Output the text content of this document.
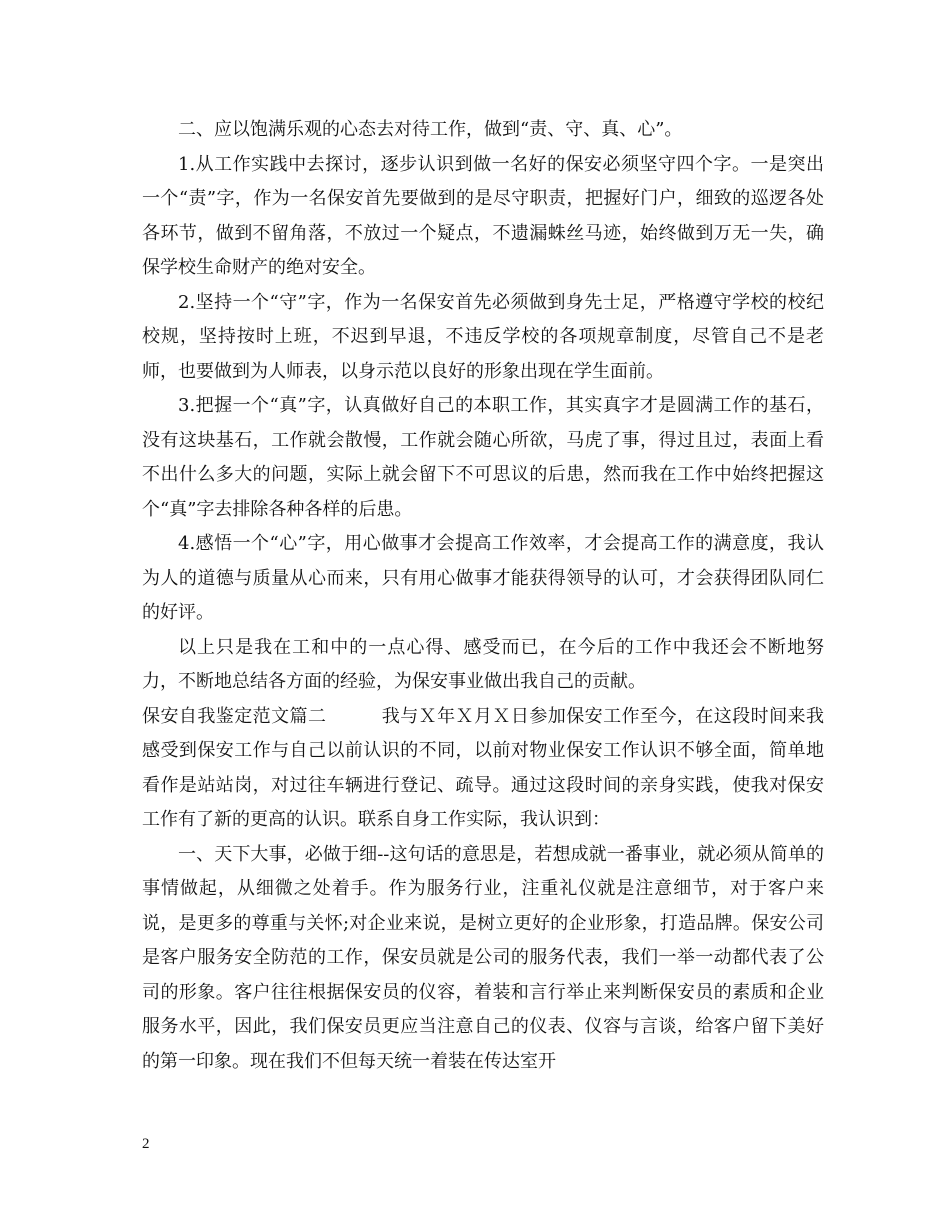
二、应以饱满乐观的心态去对待工作，做到“责、守、真、心”。

1.从工作实践中去探讨，逐步认识到做一名好的保安必须坚守四个字。一是突出一个“责”字，作为一名保安首先要做到的是尽守职责，把握好门户，细致的巡逻各处各环节，做到不留角落，不放过一个疑点，不遗漏蛛丝马迹，始终做到万无一失，确保学校生命财产的绝对安全。

2.坚持一个“守”字，作为一名保安首先必须做到身先士足，严格遵守学校的校纪校规，坚持按时上班，不迟到早退，不违反学校的各项规章制度，尽管自己不是老师，也要做到为人师表，以身示范以良好的形象出现在学生面前。

3.把握一个“真”字，认真做好自己的本职工作，其实真字才是圆满工作的基石，没有这块基石，工作就会散慢，工作就会随心所欲，马虎了事，得过且过，表面上看不出什么多大的问题，实际上就会留下不可思议的后患，然而我在工作中始终把握这个“真”字去排除各种各样的后患。

4.感悟一个“心”字，用心做事才会提高工作效率，才会提高工作的满意度，我认为人的道德与质量从心而来，只有用心做事才能获得领导的认可，才会获得团队同仁的好评。

以上只是我在工和中的一点心得、感受而已，在今后的工作中我还会不断地努力，不断地总结各方面的经验，为保安事业做出我自己的贡献。

保安自我鉴定范文篇二　　　我与Ｘ年Ｘ月Ｘ日参加保安工作至今，在这段时间来我感受到保安工作与自己以前认识的不同，以前对物业保安工作认识不够全面，简单地看作是站站岗，对过往车辆进行登记、疏导。通过这段时间的亲身实践，使我对保安工作有了新的更高的认识。联系自身工作实际，我认识到：

一、天下大事，必做于细--这句话的意思是，若想成就一番事业，就必须从简单的事情做起，从细微之处着手。作为服务行业，注重礼仪就是注意细节，对于客户来说，是更多的尊重与关怀;对企业来说，是树立更好的企业形象，打造品牌。保安公司是客户服务安全防范的工作，保安员就是公司的服务代表，我们一举一动都代表了公司的形象。客户往往根据保安员的仪容，着装和言行举止来判断保安员的素质和企业服务水平，因此，我们保安员更应当注意自己的仪表、仪容与言谈，给客户留下美好的第一印象。现在我们不但每天统一着装在传达室开

2
